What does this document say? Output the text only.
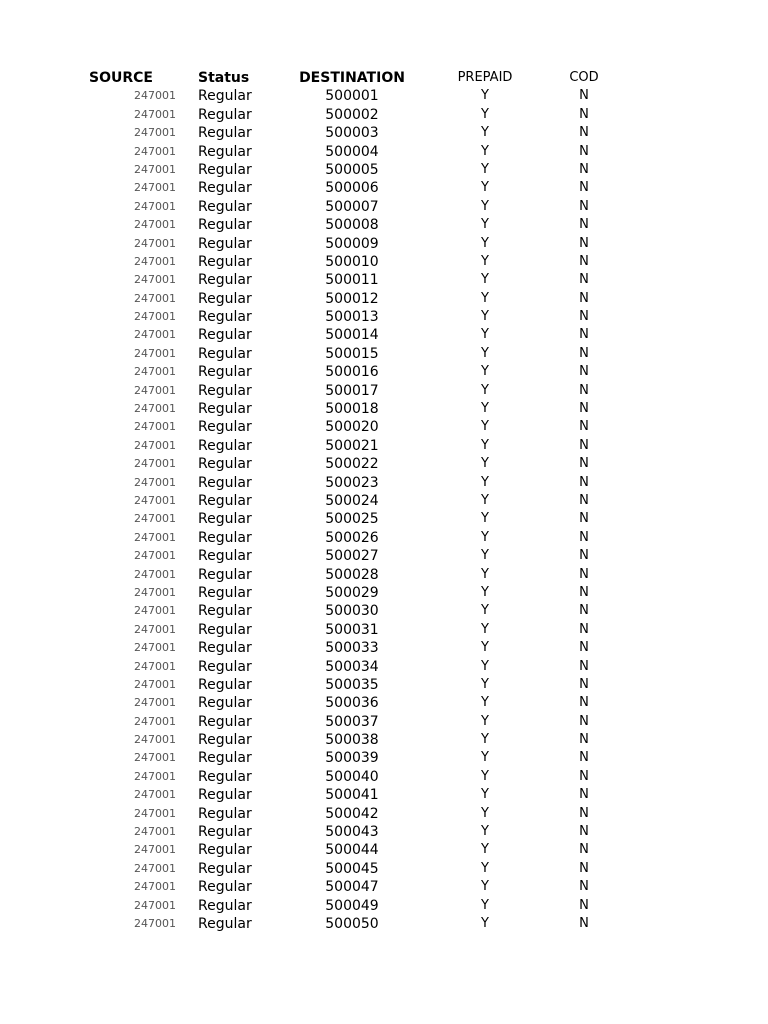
SOURCE	Status	DESTINATION	PREPAID	COD
247001	Regular	500001	Y	N
247001	Regular	500002	Y	N
247001	Regular	500003	Y	N
247001	Regular	500004	Y	N
247001	Regular	500005	Y	N
247001	Regular	500006	Y	N
247001	Regular	500007	Y	N
247001	Regular	500008	Y	N
247001	Regular	500009	Y	N
247001	Regular	500010	Y	N
247001	Regular	500011	Y	N
247001	Regular	500012	Y	N
247001	Regular	500013	Y	N
247001	Regular	500014	Y	N
247001	Regular	500015	Y	N
247001	Regular	500016	Y	N
247001	Regular	500017	Y	N
247001	Regular	500018	Y	N
247001	Regular	500020	Y	N
247001	Regular	500021	Y	N
247001	Regular	500022	Y	N
247001	Regular	500023	Y	N
247001	Regular	500024	Y	N
247001	Regular	500025	Y	N
247001	Regular	500026	Y	N
247001	Regular	500027	Y	N
247001	Regular	500028	Y	N
247001	Regular	500029	Y	N
247001	Regular	500030	Y	N
247001	Regular	500031	Y	N
247001	Regular	500033	Y	N
247001	Regular	500034	Y	N
247001	Regular	500035	Y	N
247001	Regular	500036	Y	N
247001	Regular	500037	Y	N
247001	Regular	500038	Y	N
247001	Regular	500039	Y	N
247001	Regular	500040	Y	N
247001	Regular	500041	Y	N
247001	Regular	500042	Y	N
247001	Regular	500043	Y	N
247001	Regular	500044	Y	N
247001	Regular	500045	Y	N
247001	Regular	500047	Y	N
247001	Regular	500049	Y	N
247001	Regular	500050	Y	N
